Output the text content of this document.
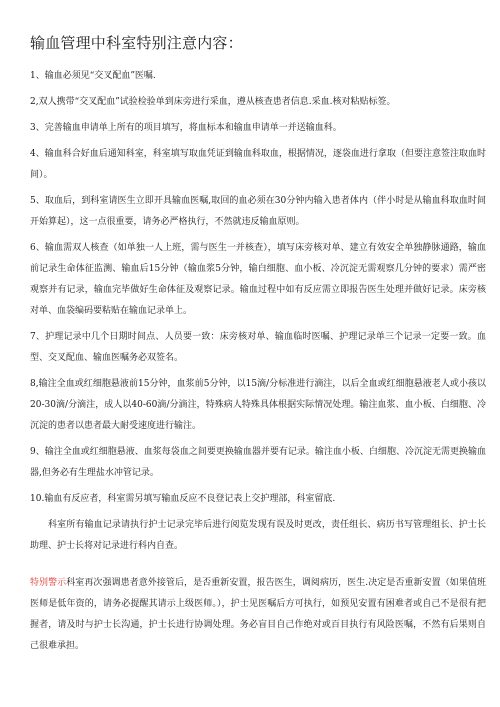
输血管理中科室特别注意内容：

1、输血必须见“交叉配血”医嘱.

2,双人携带“交叉配血”试验检验单到床旁进行采血，遵从核查患者信息.采血.核对粘贴标签。

3、完善输血申请单上所有的项目填写，将血标本和输血申请单一并送输血科。

4、输血科合好血后通知科室，科室填写取血凭证到输血科取血，根据情况，逐袋血进行拿取（但要注意签注取血时间）。

5、取血后，到科室请医生立即开具输血医嘱,取回的血必须在30分钟内输入患者体内（伴小时是从输血科取血时间开始算起），这一点很重要，请务必严格执行，不然就违反输血原则。

6、输血需双人核查（如单独一人上班，需与医生一并核查），填写床旁核对单、建立有效安全单独静脉通路，输血前记录生命体征监测、输血后15分钟（输血浆5分钟，输白细胞、血小板、冷沉淀无需观察几分钟的要求）需严密观察并有记录，输血完毕做好生命体征及观察记录。输血过程中如有反应需立即报告医生处理并做好记录。床旁核对单、血袋编码要粘贴在输血记录单上。

7、护理记录中几个日期时间点、人员要一致：床旁核对单、输血临时医嘱、护理记录单三个记录一定要一致。血型、交叉配血、输血医嘱务必双签名。

8,输注全血或红细胞悬液前15分钟，血浆前5分钟，以15滴/分标准进行滴注，以后全血或红细胞悬液老人或小孩以20-30滴/分滴注，成人以40-60滴/分滴注，特殊病人特殊具体根据实际情况处理。输注血浆、血小板、白细胞、冷沉淀的患者以患者最大耐受速度进行输注。

9、输注全血或红细胞悬液、血浆每袋血之间要更换输血器并要有记录。输注血小板、白细胞、冷沉淀无需更换输血器,但务必有生理盐水冲管记录。

10.输血有反应者，科室需另填写输血反应不良登记表上交护理部，科室留底.

科室所有输血记录请执行护士记录完毕后进行阅览发现有误及时更改，责任组长、病历书写管理组长、护士长助理、护士长将对记录进行科内自查。

特别警示科室再次强调患者意外接管后，是否重新安置，报告医生，调阅病历，医生.决定是否重新安置（如果值班医师是低年资的，请务必提醒其请示上级医师。），护士见医嘱后方可执行，如预见安置有困难者或自己不是很有把握者，请及时与护士长沟通，护士长进行协调处理。务必盲目自己作绝对或百目执行有风险医嘱，不然有后果则自己很难承担。
